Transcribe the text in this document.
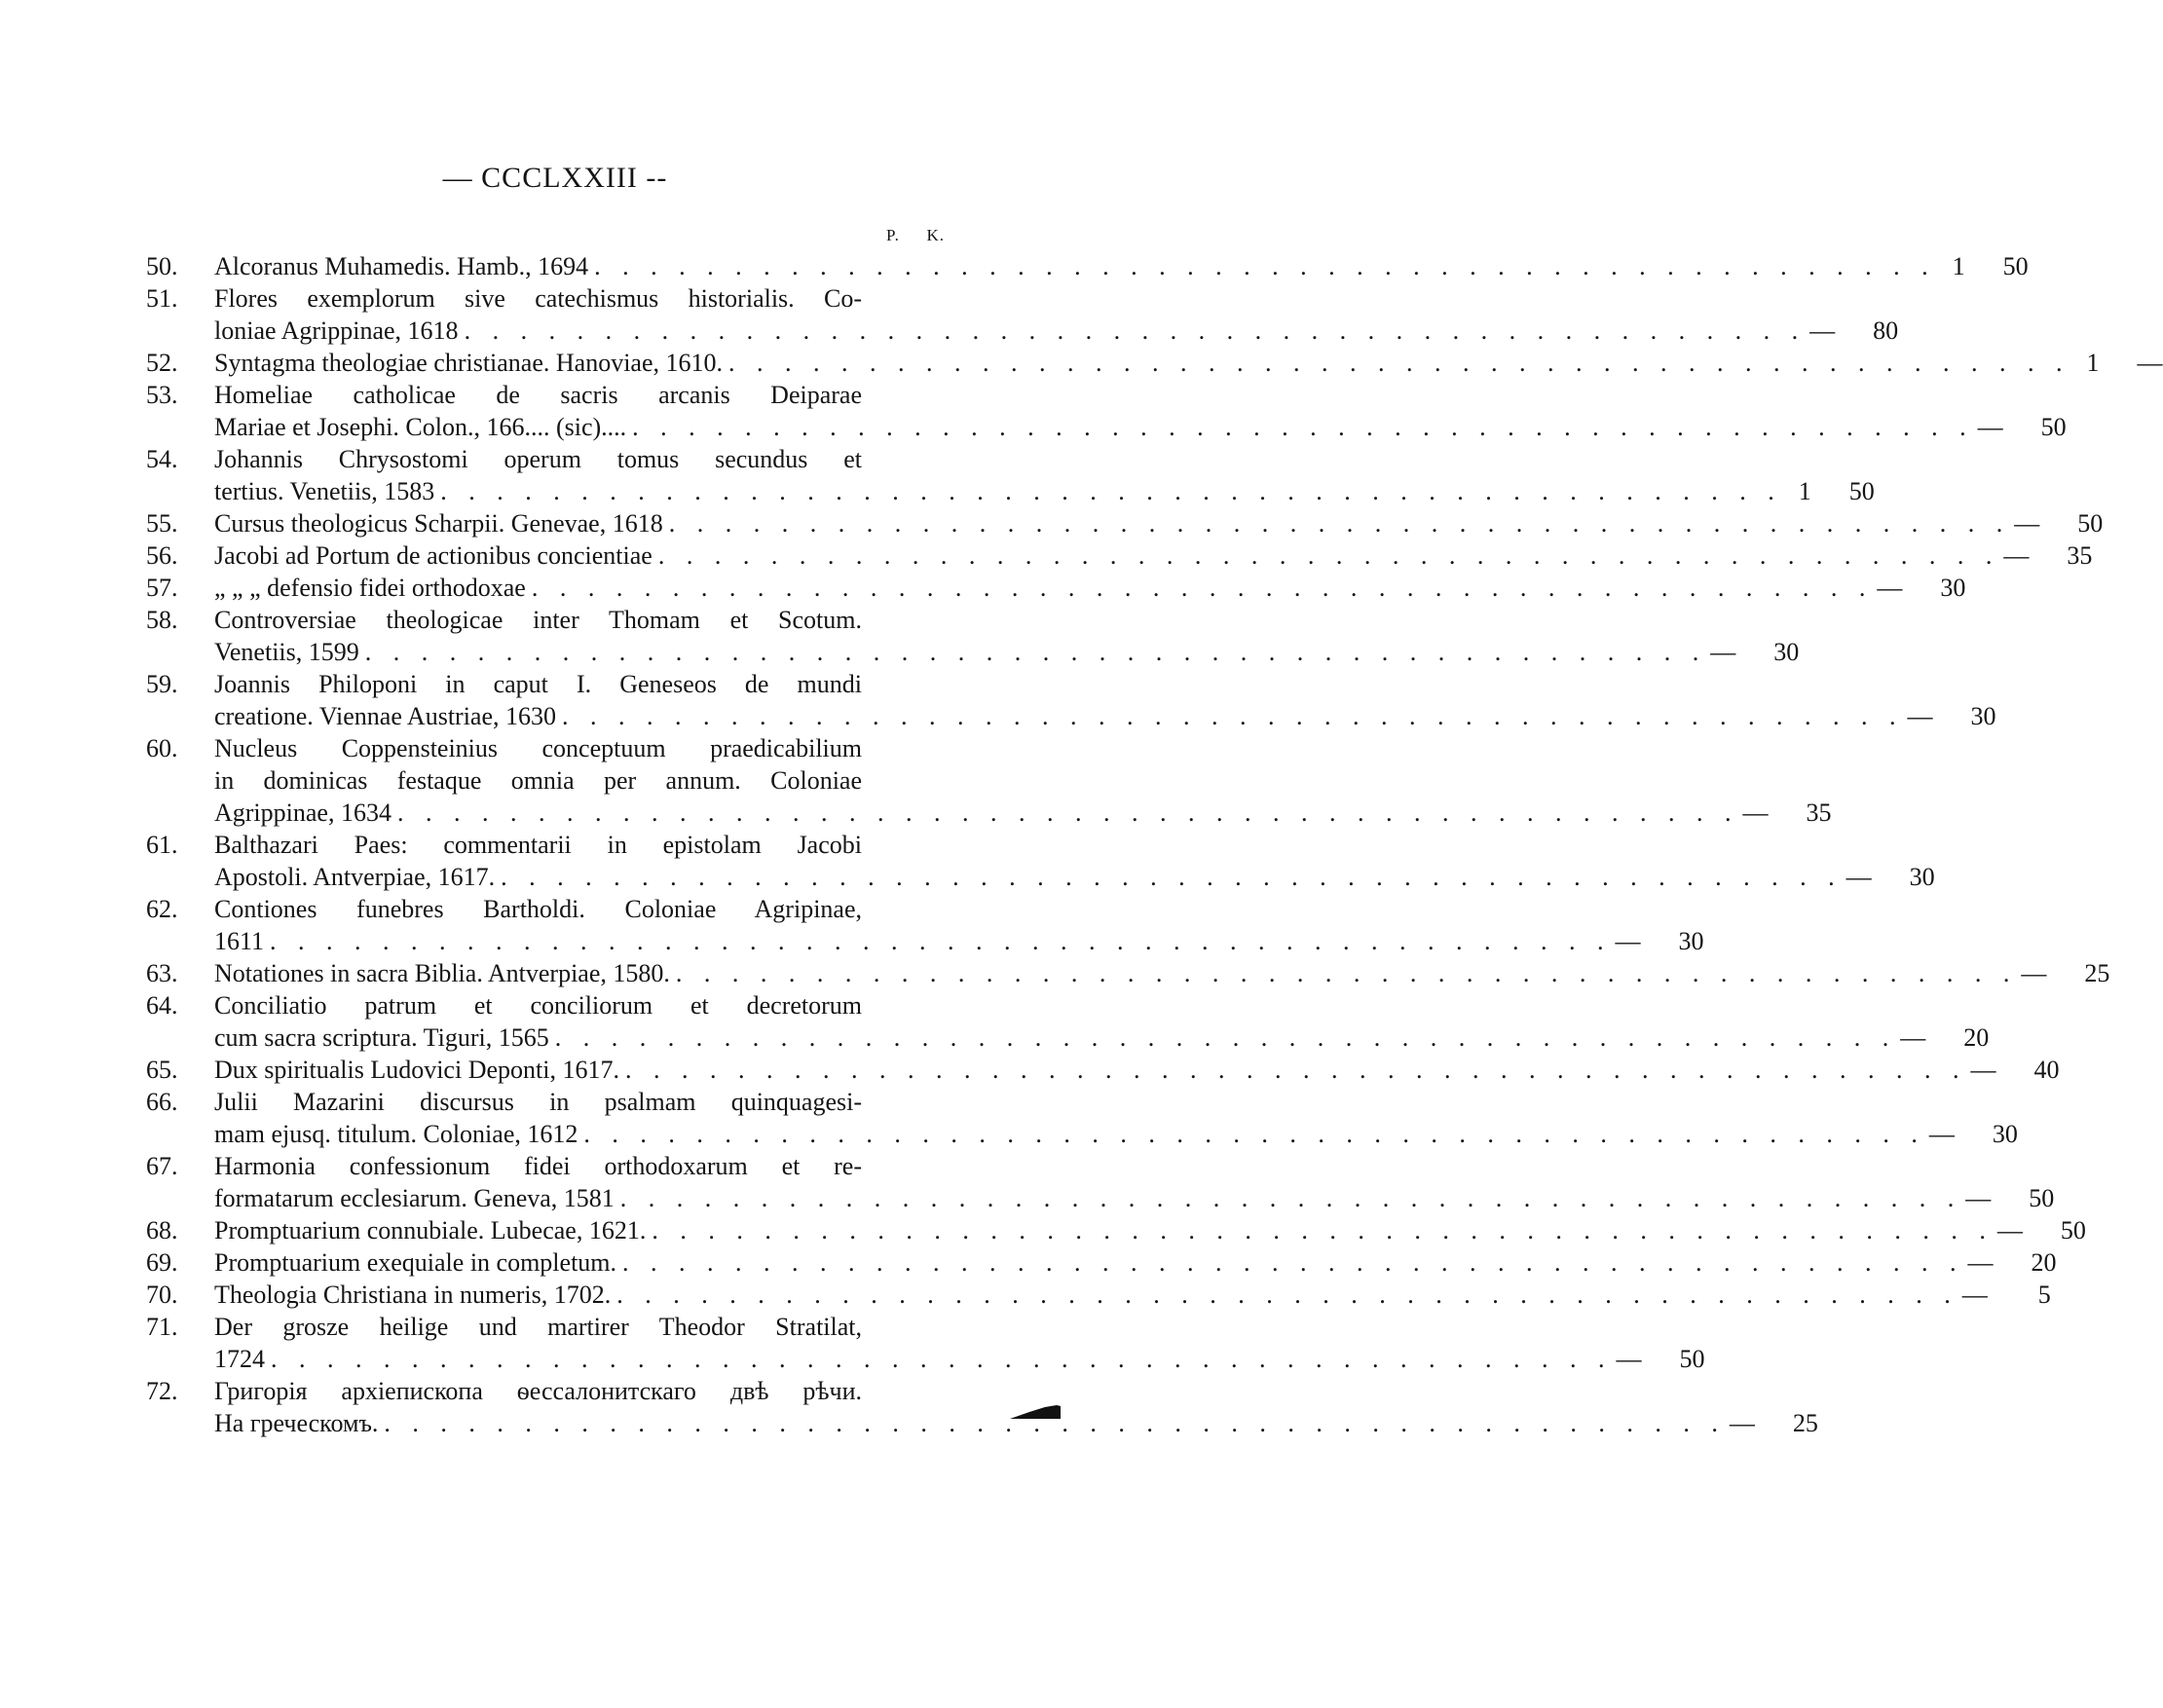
— CCCLXXIII --
P. K.
50.	Alcoranus Muhamedis. Hamb., 1694 . . .	1	50
51.	Flores exemplorum sive catechismus historialis. Co-
loniae Agrippinae, 1618 . . .	—	80
52.	Syntagma theologiae christianae. Hanoviae, 1610. . . .	1	—
53.	Homeliae catholicae de sacris arcanis Deiparae
Mariae et Josephi. Colon., 166.... (sic).... . . .	—	50
54.	Johannis Chrysostomi operum tomus secundus et
tertius. Venetiis, 1583 . . .	1	50
55.	Cursus theologicus Scharpii. Genevae, 1618 . . .	—	50
56.	Jacobi ad Portum de actionibus concientiae . . .	—	35
57.	„ „ „ defensio fidei orthodoxae . . .	—	30
58.	Controversiae theologicae inter Thomam et Scotum.
Venetiis, 1599 . . .	—	30
59.	Joannis Philoponi in caput I. Geneseos de mundi
creatione. Viennae Austriae, 1630 . . .	—	30
60.	Nucleus Coppensteinius conceptuum praedicabilium
in dominicas festaque omnia per annum. Coloniae
Agrippinae, 1634 . . .	—	35
61.	Balthazari Paes: commentarii in epistolam Jacobi
Apostoli. Antverpiae, 1617. . . .	—	30
62.	Contiones funebres Bartholdi. Coloniae Agripinae,
1611 . . .	—	30
63.	Notationes in sacra Biblia. Antverpiae, 1580. . . .	—	25
64.	Conciliatio patrum et conciliorum et decretorum
cum sacra scriptura. Tiguri, 1565 . . .	—	20
65.	Dux spiritualis Ludovici Deponti, 1617. . . .	—	40
66.	Julii Mazarini discursus in psalmam quinquagesi-
mam ejusq. titulum. Coloniae, 1612 . . .	—	30
67.	Harmonia confessionum fidei orthodoxarum et re-
formatarum ecclesiarum. Geneva, 1581 . . .	—	50
68.	Promptuarium connubiale. Lubecae, 1621. . . .	—	50
69.	Promptuarium exequiale in completum. . . .	—	20
70.	Theologia Christiana in numeris, 1702. . . .	—	5
71.	Der grosze heilige und martirer Theodor Stratilat,
1724 . . .	—	50
72.	Григорія архіепископа ѳессалонитскаго двѣ рѣчи.
На греческомъ. . . .	—	25
